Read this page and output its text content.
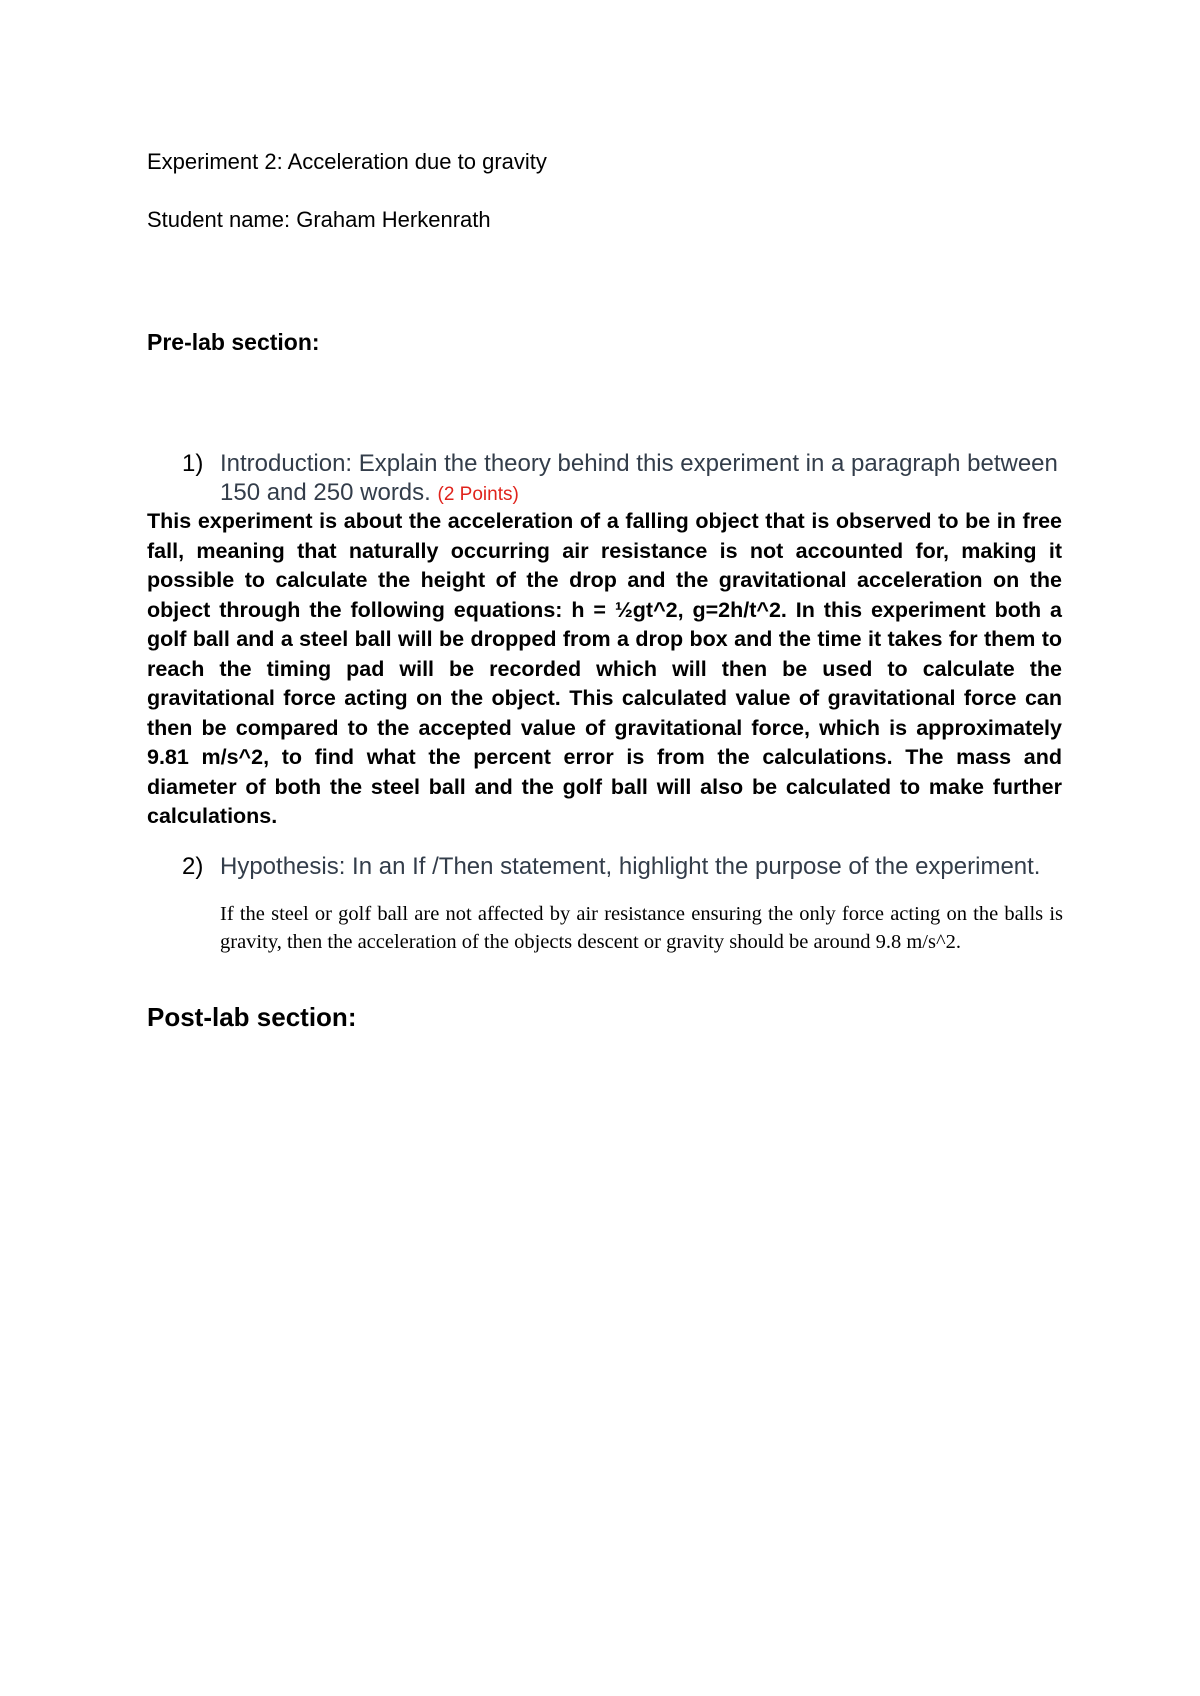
Experiment 2: Acceleration due to gravity
Student name: Graham Herkenrath
Pre-lab section:
1) Introduction: Explain the theory behind this experiment in a paragraph between 150 and 250 words. (2 Points)
This experiment is about the acceleration of a falling object that is observed to be in free fall, meaning that naturally occurring air resistance is not accounted for, making it possible to calculate the height of the drop and the gravitational acceleration on the object through the following equations: h = ½gt^2, g=2h/t^2. In this experiment both a golf ball and a steel ball will be dropped from a drop box and the time it takes for them to reach the timing pad will be recorded which will then be used to calculate the gravitational force acting on the object. This calculated value of gravitational force can then be compared to the accepted value of gravitational force, which is approximately 9.81 m/s^2, to find what the percent error is from the calculations. The mass and diameter of both the steel ball and the golf ball will also be calculated to make further calculations.
2) Hypothesis: In an If /Then statement, highlight the purpose of the experiment.
If the steel or golf ball are not affected by air resistance ensuring the only force acting on the balls is gravity, then the acceleration of the objects descent or gravity should be around 9.8 m/s^2.
Post-lab section:
